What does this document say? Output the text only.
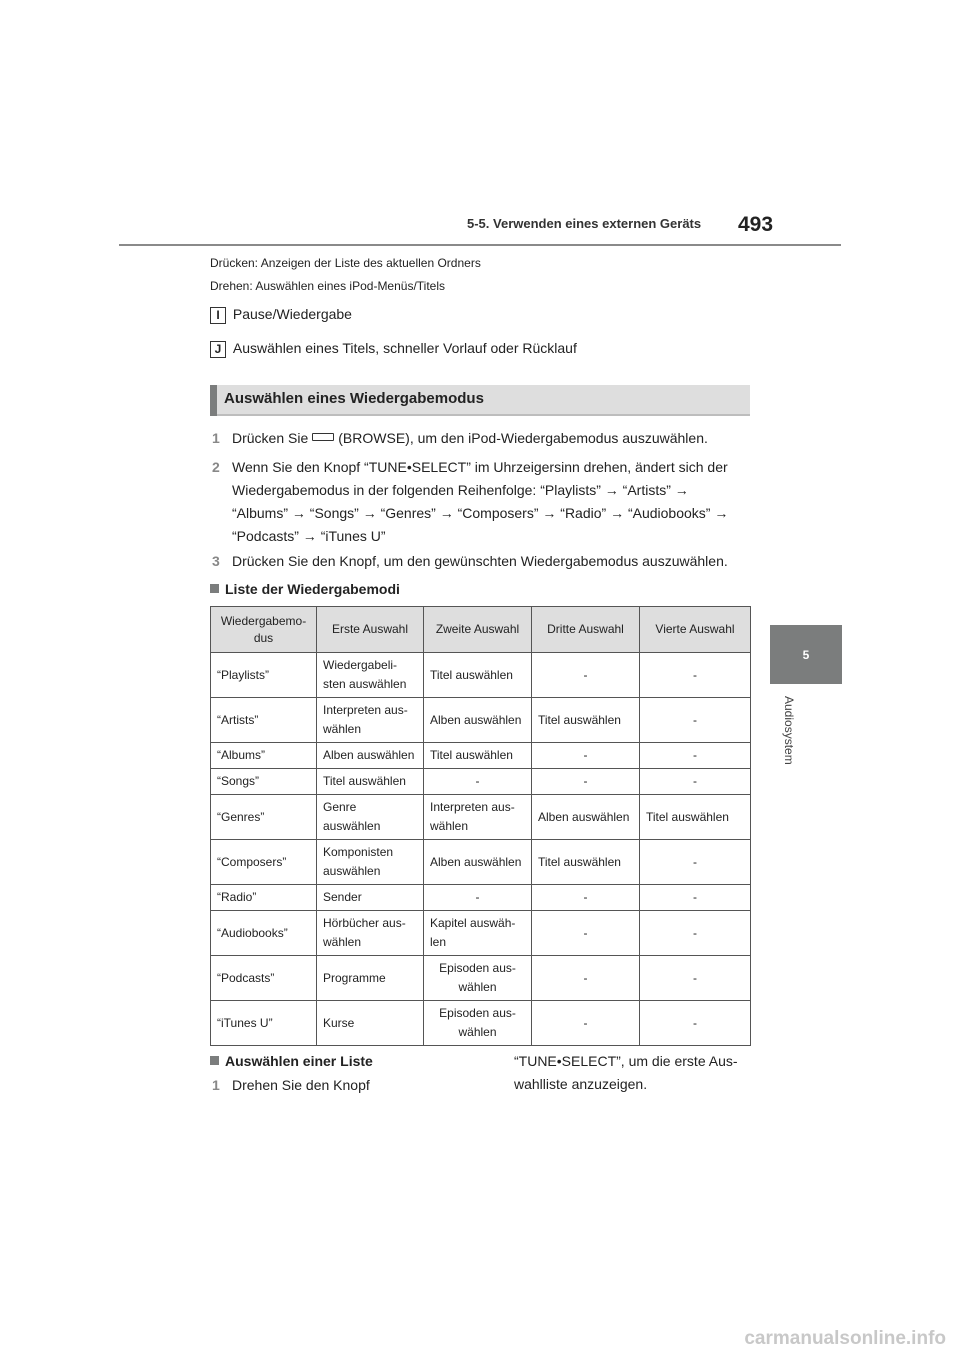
5-5. Verwenden eines externen Geräts 493
5
Audiosystem
Drücken: Anzeigen der Liste des aktuellen Ordners
Drehen: Auswählen eines iPod-Menüs/Titels
I Pause/Wiedergabe
J Auswählen eines Titels, schneller Vorlauf oder Rücklauf
Auswählen eines Wiedergabemodus
1 Drücken Sie (BROWSE), um den iPod-Wiedergabemodus auszuwählen.
2 Wenn Sie den Knopf “TUNE•SELECT” im Uhrzeigersinn drehen, ändert sich der
Wiedergabemodus in der folgenden Reihenfolge: “Playlists” → “Artists” →
“Albums” → “Songs” → “Genres” → “Composers” → “Radio” → “Audiobooks” →
“Podcasts” → “iTunes U”
3 Drücken Sie den Knopf, um den gewünschten Wiedergabemodus auszuwählen.
Liste der Wiedergabemodi
Wiedergabemo-
dus	Erste Auswahl	Zweite Auswahl	Dritte Auswahl	Vierte Auswahl
“Playlists”	Wiedergabeli-
sten auswählen	Titel auswählen	-	-
“Artists”	Interpreten aus-
wählen	Alben auswählen	Titel auswählen	-
“Albums”	Alben auswählen	Titel auswählen	-	-
“Songs”	Titel auswählen	-	-	-
“Genres”	Genre auswählen	Interpreten aus-
wählen	Alben auswählen	Titel auswählen
“Composers”	Komponisten
auswählen	Alben auswählen	Titel auswählen	-
“Radio”	Sender	-	-	-
“Audiobooks”	Hörbücher aus-
wählen	Kapitel auswäh-
len	-	-
“Podcasts”	Programme	Episoden aus-
wählen	-	-
“iTunes U”	Kurse	Episoden aus-
wählen	-	-
Auswählen einer Liste
1 Drehen Sie den Knopf
“TUNE•SELECT”, um die erste Aus-
wahlliste anzuzeigen.
carmanualsonline.info
